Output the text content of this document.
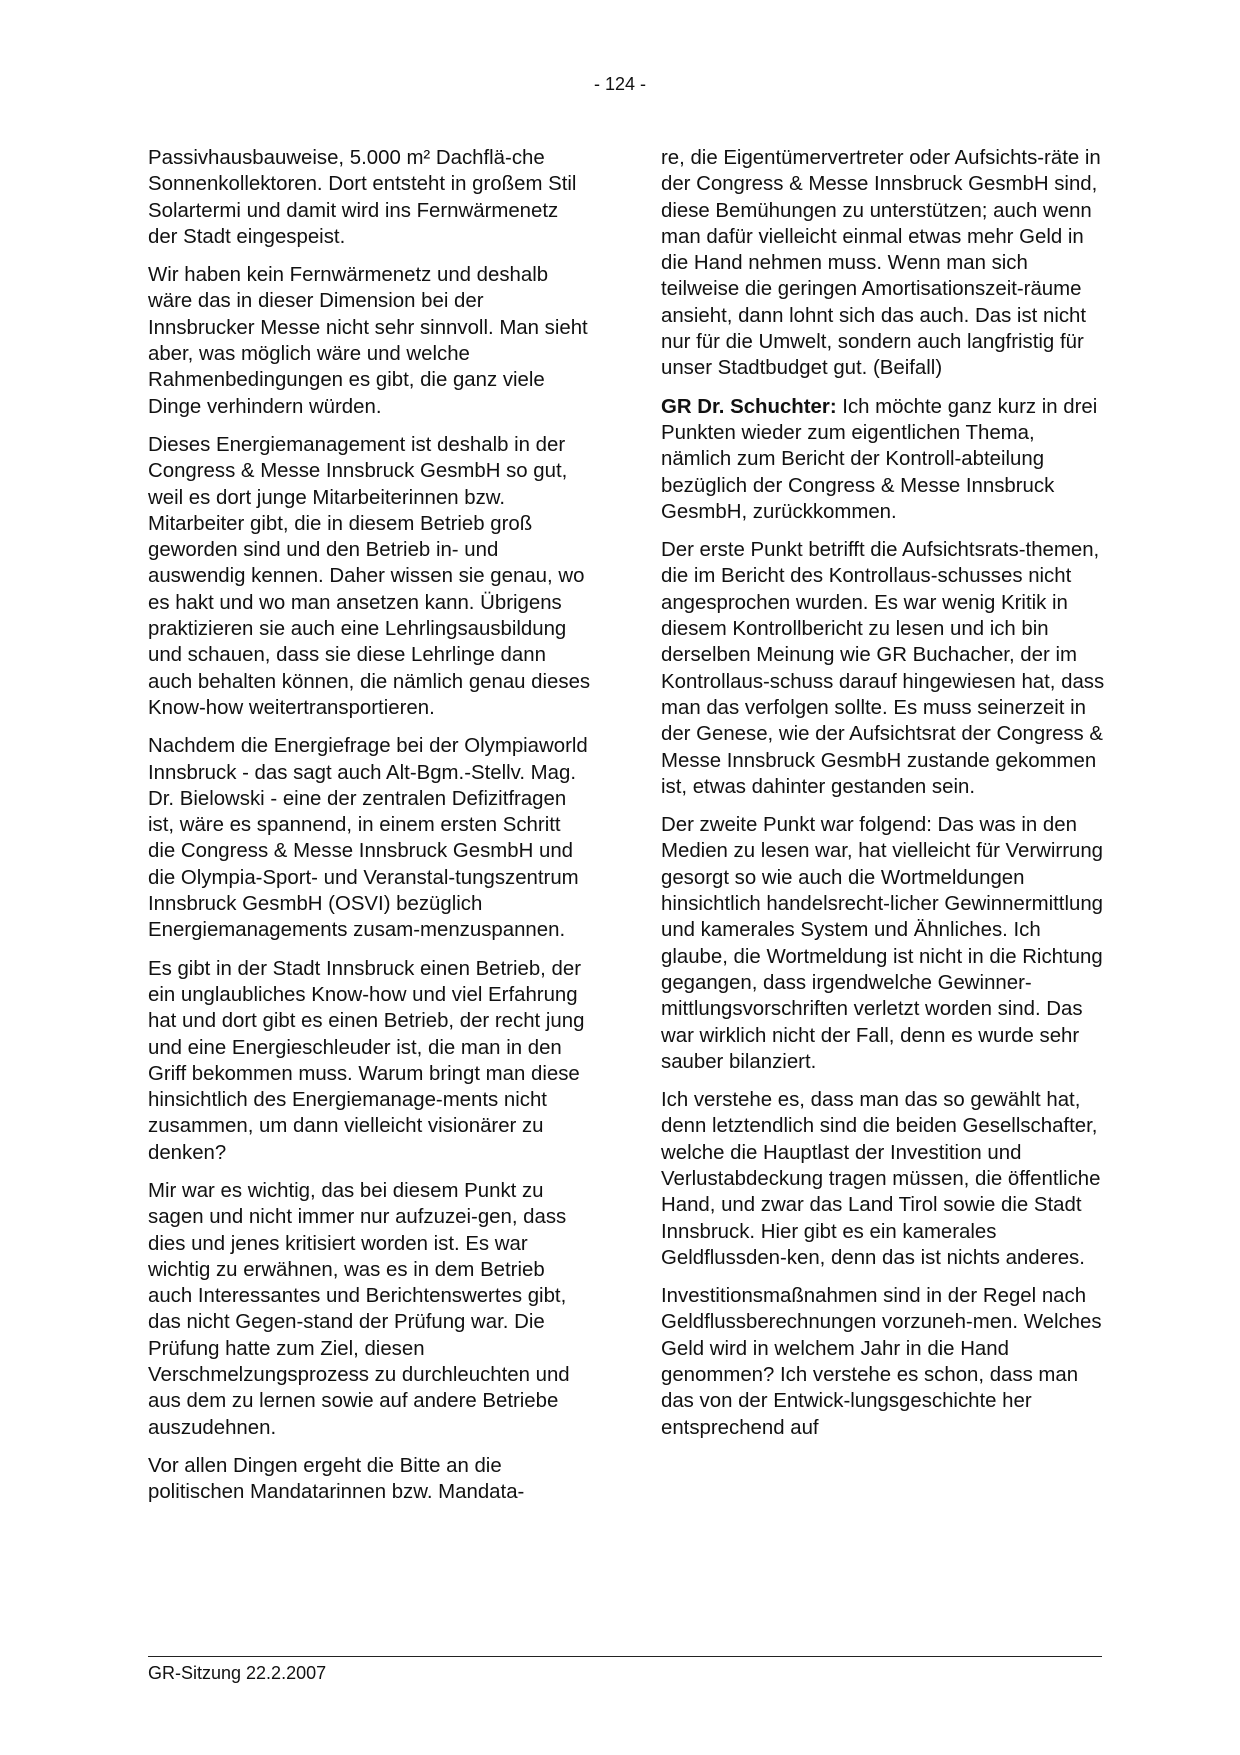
- 124 -

Passivhausbauweise, 5.000 m² Dachflä-che Sonnenkollektoren. Dort entsteht in großem Stil Solartermi und damit wird ins Fernwärmenetz der Stadt eingespeist.

Wir haben kein Fernwärmenetz und deshalb wäre das in dieser Dimension bei der Innsbrucker Messe nicht sehr sinnvoll. Man sieht aber, was möglich wäre und welche Rahmenbedingungen es gibt, die ganz viele Dinge verhindern würden.

Dieses Energiemanagement ist deshalb in der Congress & Messe Innsbruck GesmbH so gut, weil es dort junge Mitarbeiterinnen bzw. Mitarbeiter gibt, die in diesem Betrieb groß geworden sind und den Betrieb in- und auswendig kennen. Daher wissen sie genau, wo es hakt und wo man ansetzen kann. Übrigens praktizieren sie auch eine Lehrlingsausbildung und schauen, dass sie diese Lehrlinge dann auch behalten können, die nämlich genau dieses Know-how weitertransportieren.

Nachdem die Energiefrage bei der Olympiaworld Innsbruck - das sagt auch Alt-Bgm.-Stellv. Mag. Dr. Bielowski - eine der zentralen Defizitfragen ist, wäre es spannend, in einem ersten Schritt die Congress & Messe Innsbruck GesmbH und die Olympia-Sport- und Veranstal-tungszentrum Innsbruck GesmbH (OSVI) bezüglich Energiemanagements zusam-menzuspannen.

Es gibt in der Stadt Innsbruck einen Betrieb, der ein unglaubliches Know-how und viel Erfahrung hat und dort gibt es einen Betrieb, der recht jung und eine Energieschleuder ist, die man in den Griff bekommen muss. Warum bringt man diese hinsichtlich des Energiemanage-ments nicht zusammen, um dann vielleicht visionärer zu denken?

Mir war es wichtig, das bei diesem Punkt zu sagen und nicht immer nur aufzuzei-gen, dass dies und jenes kritisiert worden ist. Es war wichtig zu erwähnen, was es in dem Betrieb auch Interessantes und Berichtenswertes gibt, das nicht Gegen-stand der Prüfung war. Die Prüfung hatte zum Ziel, diesen Verschmelzungsprozess zu durchleuchten und aus dem zu lernen sowie auf andere Betriebe auszudehnen.

Vor allen Dingen ergeht die Bitte an die politischen Mandatarinnen bzw. Mandata-

re, die Eigentümervertreter oder Aufsichts-räte in der Congress & Messe Innsbruck GesmbH sind, diese Bemühungen zu unterstützen; auch wenn man dafür vielleicht einmal etwas mehr Geld in die Hand nehmen muss. Wenn man sich teilweise die geringen Amortisationszeit-räume ansieht, dann lohnt sich das auch. Das ist nicht nur für die Umwelt, sondern auch langfristig für unser Stadtbudget gut. (Beifall)

GR Dr. Schuchter: Ich möchte ganz kurz in drei Punkten wieder zum eigentlichen Thema, nämlich zum Bericht der Kontroll-abteilung bezüglich der Congress & Messe Innsbruck GesmbH, zurückkommen.

Der erste Punkt betrifft die Aufsichtsrats-themen, die im Bericht des Kontrollaus-schusses nicht angesprochen wurden. Es war wenig Kritik in diesem Kontrollbericht zu lesen und ich bin derselben Meinung wie GR Buchacher, der im Kontrollaus-schuss darauf hingewiesen hat, dass man das verfolgen sollte. Es muss seinerzeit in der Genese, wie der Aufsichtsrat der Congress & Messe Innsbruck GesmbH zustande gekommen ist, etwas dahinter gestanden sein.

Der zweite Punkt war folgend: Das was in den Medien zu lesen war, hat vielleicht für Verwirrung gesorgt so wie auch die Wortmeldungen hinsichtlich handelsrecht-licher Gewinnermittlung und kamerales System und Ähnliches. Ich glaube, die Wortmeldung ist nicht in die Richtung gegangen, dass irgendwelche Gewinner-mittlungsvorschriften verletzt worden sind. Das war wirklich nicht der Fall, denn es wurde sehr sauber bilanziert.

Ich verstehe es, dass man das so gewählt hat, denn letztendlich sind die beiden Gesellschafter, welche die Hauptlast der Investition und Verlustabdeckung tragen müssen, die öffentliche Hand, und zwar das Land Tirol sowie die Stadt Innsbruck. Hier gibt es ein kamerales Geldflussden-ken, denn das ist nichts anderes.

Investitionsmaßnahmen sind in der Regel nach Geldflussberechnungen vorzuneh-men. Welches Geld wird in welchem Jahr in die Hand genommen? Ich verstehe es schon, dass man das von der Entwick-lungsgeschichte her entsprechend auf

GR-Sitzung 22.2.2007
